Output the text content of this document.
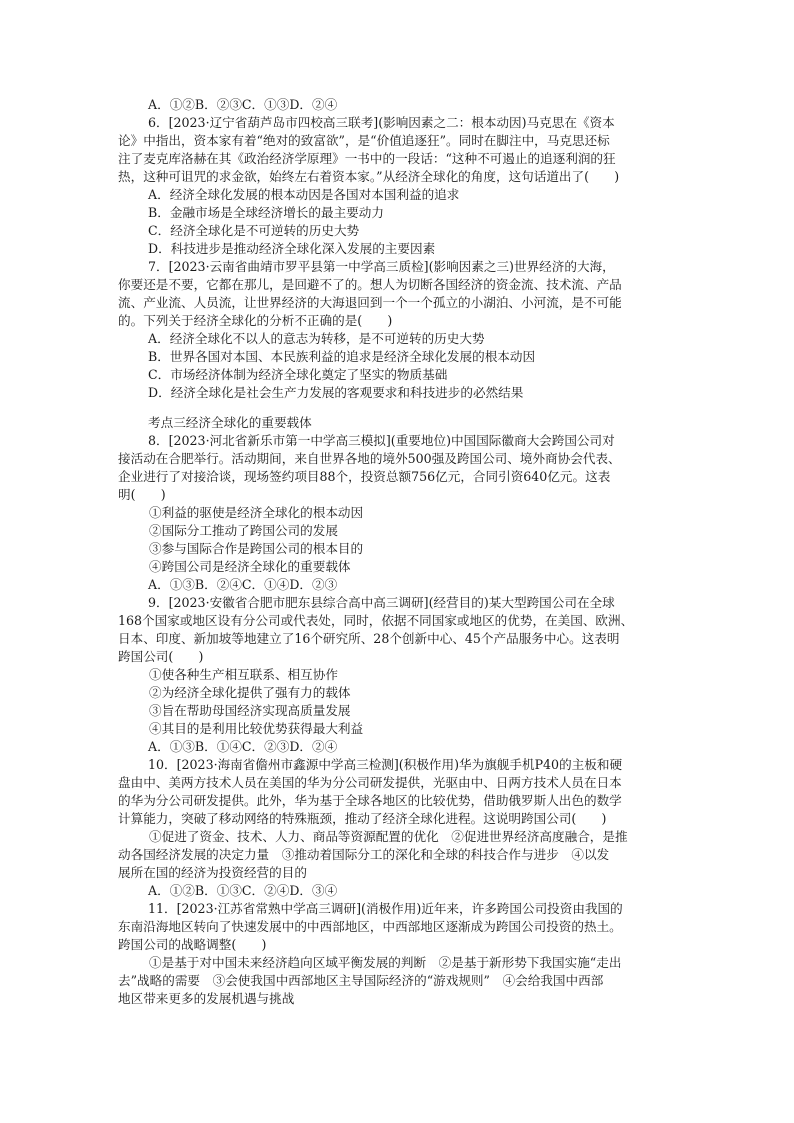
A．①②B．②③C．①③D．②④
6．[2023·辽宁省葫芦岛市四校高三联考](影响因素之二：根本动因)马克思在《资本
论》中指出，资本家有着“绝对的致富欲”，是“价值追逐狂”。同时在脚注中，马克思还标
注了麦克库洛赫在其《政治经济学原理》一书中的一段话：“这种不可遏止的追逐利润的狂
热，这种可诅咒的求金欲，始终左右着资本家。”从经济全球化的角度，这句话道出了(　　)
A．经济全球化发展的根本动因是各国对本国利益的追求
B．金融市场是全球经济增长的最主要动力
C．经济全球化是不可逆转的历史大势
D．科技进步是推动经济全球化深入发展的主要因素
7．[2023·云南省曲靖市罗平县第一中学高三质检](影响因素之三)世界经济的大海，
你要还是不要，它都在那儿，是回避不了的。想人为切断各国经济的资金流、技术流、产品
流、产业流、人员流，让世界经济的大海退回到一个一个孤立的小湖泊、小河流，是不可能
的。下列关于经济全球化的分析不正确的是(　　)
A．经济全球化不以人的意志为转移，是不可逆转的历史大势
B．世界各国对本国、本民族利益的追求是经济全球化发展的根本动因
C．市场经济体制为经济全球化奠定了坚实的物质基础
D．经济全球化是社会生产力发展的客观要求和科技进步的必然结果
考点三经济全球化的重要载体
8．[2023·河北省新乐市第一中学高三模拟](重要地位)中国国际徽商大会跨国公司对
接活动在合肥举行。活动期间，来自世界各地的境外500强及跨国公司、境外商协会代表、
企业进行了对接洽谈，现场签约项目88个，投资总额756亿元，合同引资640亿元。这表
明(　　)
①利益的驱使是经济全球化的根本动因
②国际分工推动了跨国公司的发展
③参与国际合作是跨国公司的根本目的
④跨国公司是经济全球化的重要载体
A．①③B．②④C．①④D．②③
9．[2023·安徽省合肥市肥东县综合高中高三调研](经营目的)某大型跨国公司在全球
168个国家或地区设有分公司或代表处，同时，依据不同国家或地区的优势，在美国、欧洲、
日本、印度、新加坡等地建立了16个研究所、28个创新中心、45个产品服务中心。这表明
跨国公司(　　)
①使各种生产相互联系、相互协作
②为经济全球化提供了强有力的载体
③旨在帮助母国经济实现高质量发展
④其目的是利用比较优势获得最大利益
A．①③B．①④C．②③D．②④
10．[2023·海南省儋州市鑫源中学高三检测](积极作用)华为旗舰手机P40的主板和硬
盘由中、美两方技术人员在美国的华为分公司研发提供，光驱由中、日两方技术人员在日本
的华为分公司研发提供。此外，华为基于全球各地区的比较优势，借助俄罗斯人出色的数学
计算能力，突破了移动网络的特殊瓶颈，推动了经济全球化进程。这说明跨国公司(　　)
①促进了资金、技术、人力、商品等资源配置的优化　②促进世界经济高度融合，是推
动各国经济发展的决定力量　③推动着国际分工的深化和全球的科技合作与进步　④以发
展所在国的经济为投资经营的目的
A．①②B．①③C．②④D．③④
11．[2023·江苏省常熟中学高三调研](消极作用)近年来，许多跨国公司投资由我国的
东南沿海地区转向了快速发展中的中西部地区，中西部地区逐渐成为跨国公司投资的热土。
跨国公司的战略调整(　　)
①是基于对中国未来经济趋向区域平衡发展的判断　②是基于新形势下我国实施“走出
去”战略的需要　③会使我国中西部地区主导国际经济的“游戏规则”　④会给我国中西部
地区带来更多的发展机遇与挑战
